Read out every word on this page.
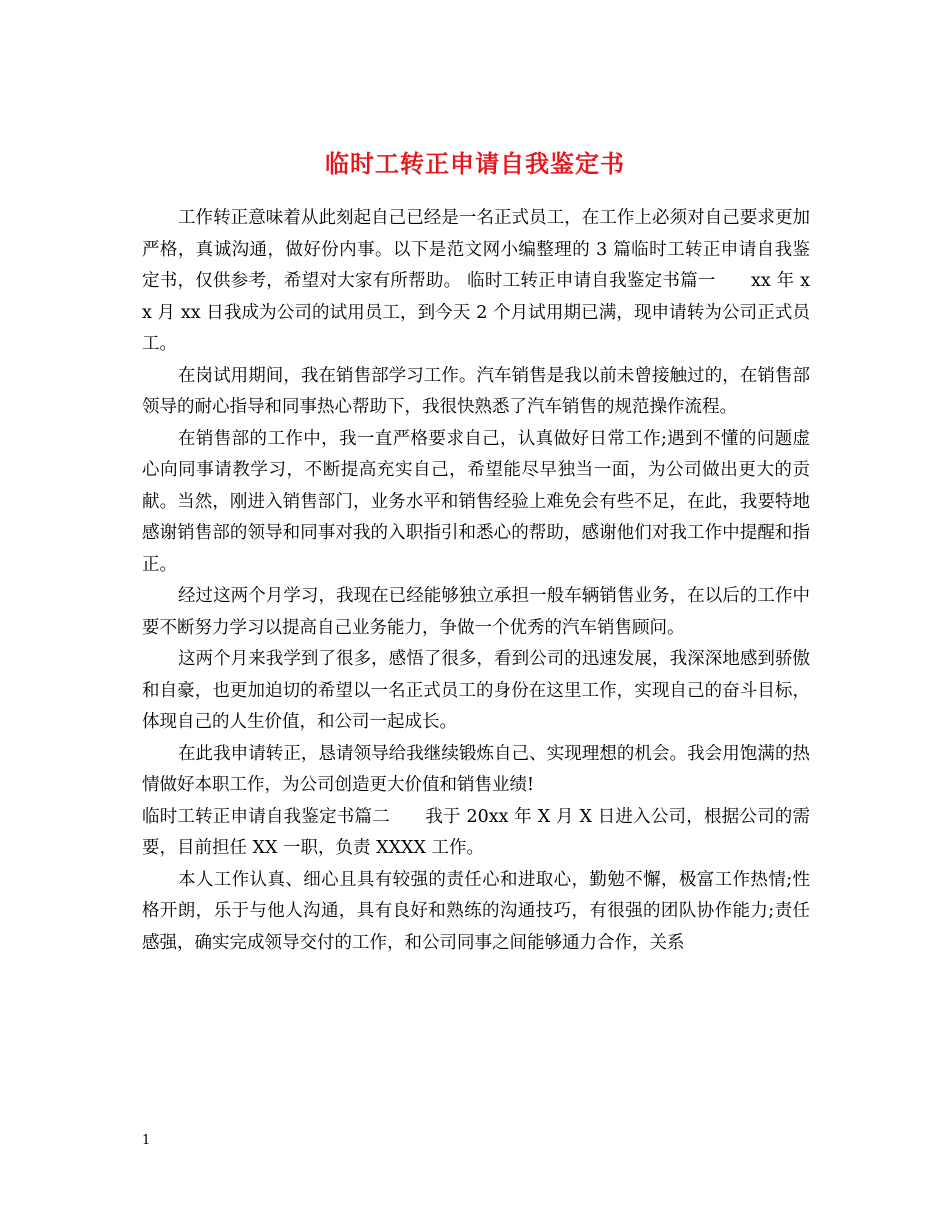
临时工转正申请自我鉴定书

工作转正意味着从此刻起自己已经是一名正式员工，在工作上必须对自己要求更加严格，真诚沟通，做好份内事。以下是范文网小编整理的 3 篇临时工转正申请自我鉴定书，仅供参考，希望对大家有所帮助。 临时工转正申请自我鉴定书篇一　　xx 年 xx 月 xx 日我成为公司的试用员工，到今天 2 个月试用期已满，现申请转为公司正式员工。

在岗试用期间，我在销售部学习工作。汽车销售是我以前未曾接触过的，在销售部领导的耐心指导和同事热心帮助下，我很快熟悉了汽车销售的规范操作流程。

在销售部的工作中，我一直严格要求自己，认真做好日常工作;遇到不懂的问题虚心向同事请教学习，不断提高充实自己，希望能尽早独当一面，为公司做出更大的贡献。当然，刚进入销售部门，业务水平和销售经验上难免会有些不足，在此，我要特地感谢销售部的领导和同事对我的入职指引和悉心的帮助，感谢他们对我工作中提醒和指正。

经过这两个月学习，我现在已经能够独立承担一般车辆销售业务，在以后的工作中要不断努力学习以提高自己业务能力，争做一个优秀的汽车销售顾问。

这两个月来我学到了很多，感悟了很多，看到公司的迅速发展，我深深地感到骄傲和自豪，也更加迫切的希望以一名正式员工的身份在这里工作，实现自己的奋斗目标，体现自己的人生价值，和公司一起成长。

在此我申请转正，恳请领导给我继续锻炼自己、实现理想的机会。我会用饱满的热情做好本职工作，为公司创造更大价值和销售业绩!

临时工转正申请自我鉴定书篇二　　我于 20xx 年 X 月 X 日进入公司，根据公司的需要，目前担任 XX 一职，负责 XXXX 工作。

本人工作认真、细心且具有较强的责任心和进取心，勤勉不懈，极富工作热情;性格开朗，乐于与他人沟通，具有良好和熟练的沟通技巧，有很强的团队协作能力;责任感强，确实完成领导交付的工作，和公司同事之间能够通力合作，关系

1
